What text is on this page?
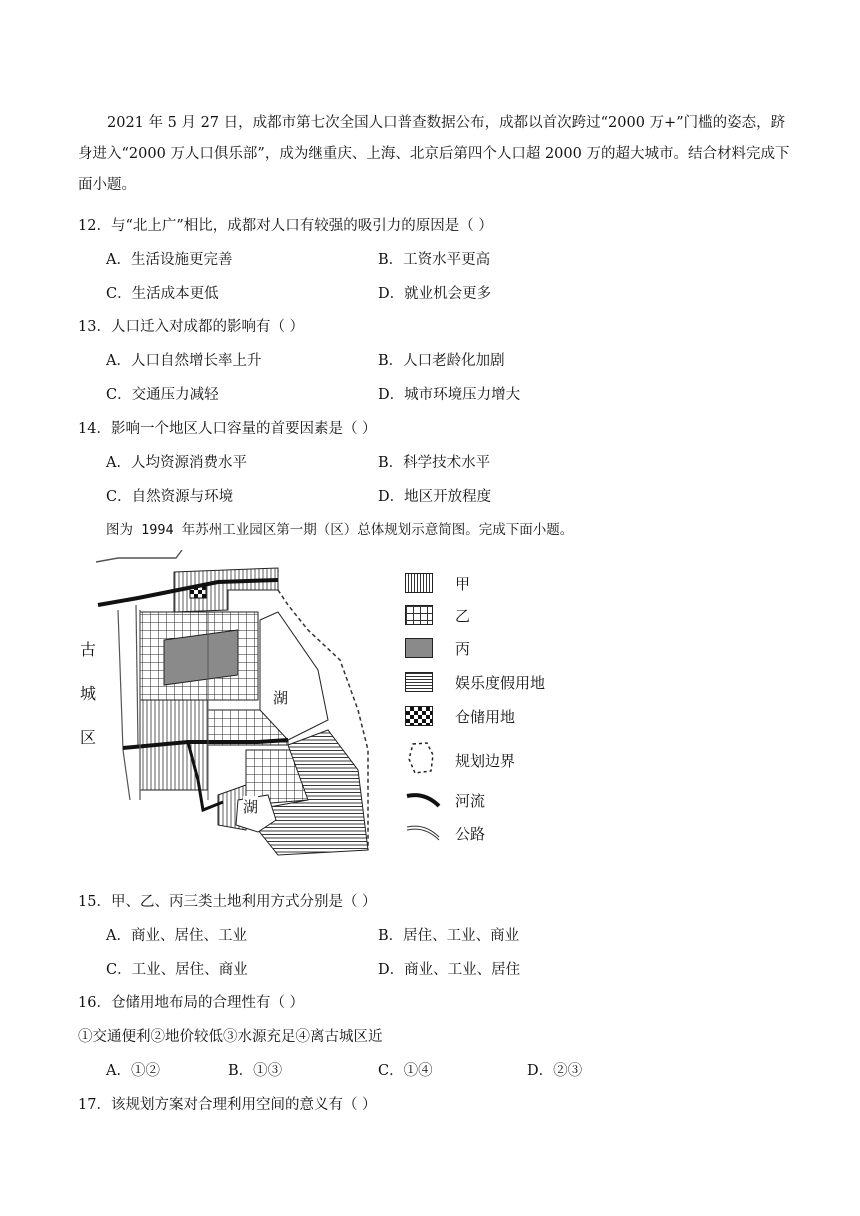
2021 年 5 月 27 日，成都市第七次全国人口普查数据公布，成都以首次跨过“2000 万+”门槛的姿态，跻身进入“2000 万人口俱乐部”，成为继重庆、上海、北京后第四个人口超 2000 万的超大城市。结合材料完成下面小题。
12．与“北上广”相比，成都对人口有较强的吸引力的原因是（ ）
A．生活设施更完善	B．工资水平更高
C．生活成本更低	D．就业机会更多
13．人口迁入对成都的影响有（ ）
A．人口自然增长率上升	B．人口老龄化加剧
C．交通压力减轻	D．城市环境压力增大
14．影响一个地区人口容量的首要因素是（ ）
A．人均资源消费水平	B．科学技术水平
C．自然资源与环境	D．地区开放程度
图为 1994 年苏州工业园区第一期（区）总体规划示意简图。完成下面小题。
古
城
区
湖
湖
甲
乙
丙
娱乐度假用地
仓储用地
规划边界
河流
公路
15．甲、乙、丙三类土地利用方式分别是（ ）
A．商业、居住、工业	B．居住、工业、商业
C．工业、居住、商业	D．商业、工业、居住
16．仓储用地布局的合理性有（ ）
①交通便利②地价较低③水源充足④离古城区近
A．①②	B．①③	C．①④	D．②③
17．该规划方案对合理利用空间的意义有（ ）
